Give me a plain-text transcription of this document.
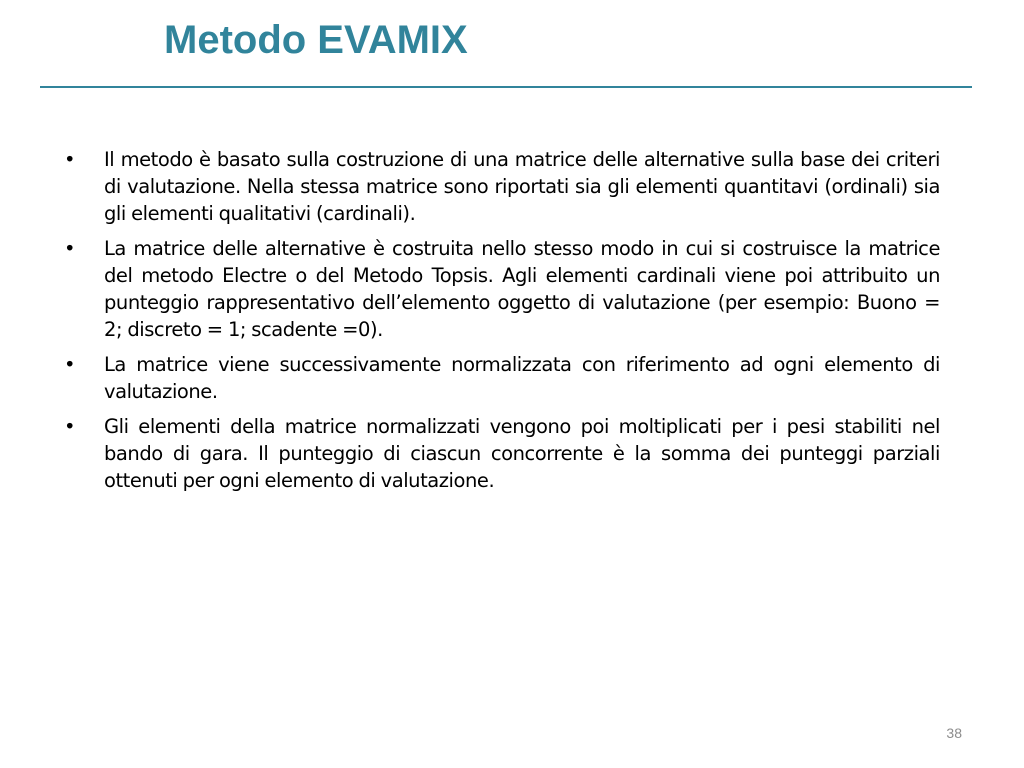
Metodo EVAMIX
•	Il metodo è basato sulla costruzione di una matrice delle alternative sulla base dei criteri di valutazione. Nella stessa matrice sono riportati sia gli elementi quantitavi (ordinali) sia gli elementi qualitativi (cardinali).
•	La matrice delle alternative è costruita nello stesso modo in cui si costruisce la matrice del metodo Electre o del Metodo Topsis. Agli elementi cardinali viene poi attribuito un punteggio rappresentativo dell’elemento oggetto di valutazione (per esempio: Buono = 2; discreto = 1; scadente =0).
•	La matrice viene successivamente normalizzata con riferimento ad ogni elemento di valutazione.
•	Gli elementi della matrice normalizzati vengono poi moltiplicati per i pesi stabiliti nel bando di gara. Il punteggio di ciascun concorrente è la somma dei punteggi parziali ottenuti per ogni elemento di valutazione.
38
